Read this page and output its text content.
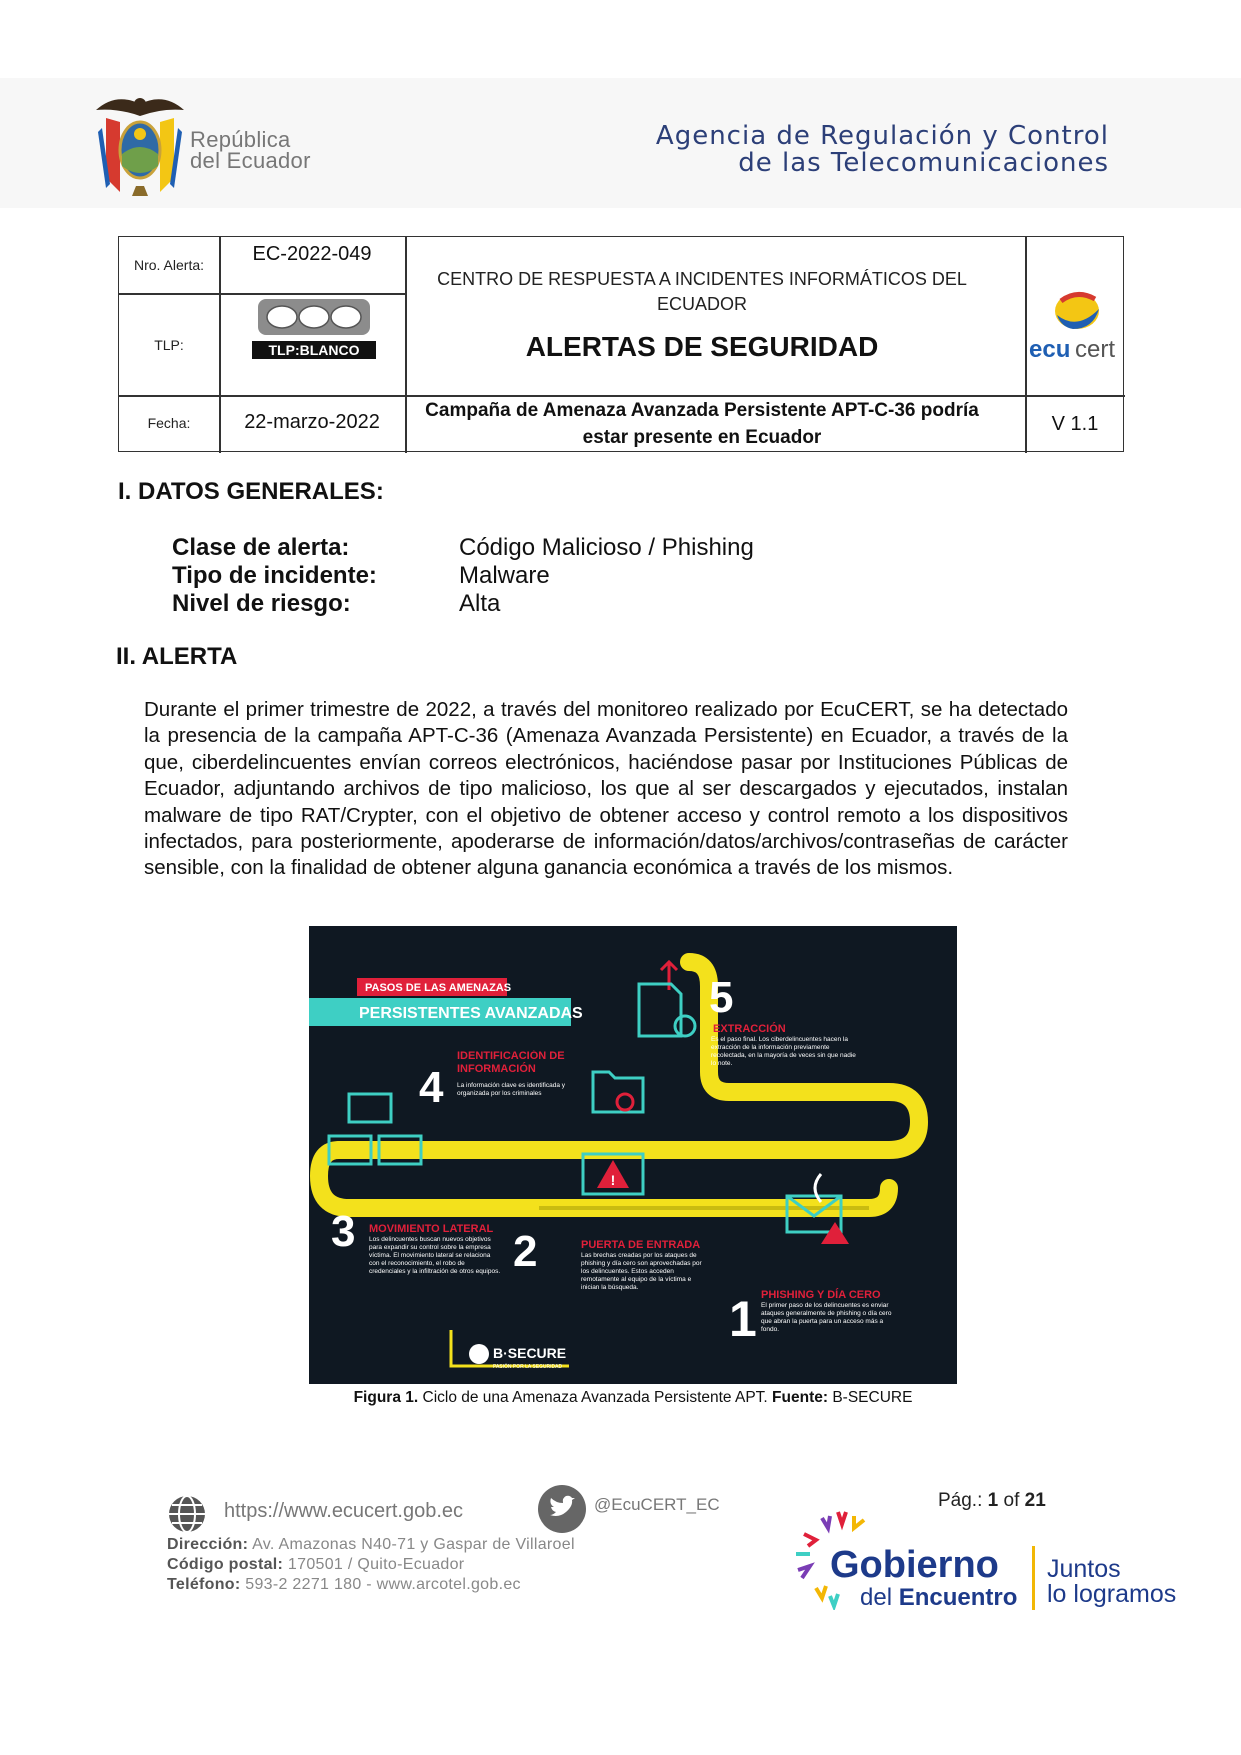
República
del Ecuador
Agencia de Regulación y Control
de las Telecomunicaciones
Nro. Alerta:	EC-2022-049
TLP:	TLP:BLANCO
Fecha:	22-marzo-2022
CENTRO DE RESPUESTA A INCIDENTES INFORMÁTICOS DEL ECUADOR
ALERTAS DE SEGURIDAD
Campaña de Amenaza Avanzada Persistente APT-C-36 podría estar presente en Ecuador
V 1.1
ecu cert
I. DATOS GENERALES:
Clase de alerta:	Código Malicioso / Phishing
Tipo de incidente:	Malware
Nivel de riesgo:	Alta
II. ALERTA
Durante el primer trimestre de 2022, a través del monitoreo realizado por EcuCERT, se ha detectado la presencia de la campaña APT-C-36 (Amenaza Avanzada Persistente) en Ecuador, a través de la que, ciberdelincuentes envían correos electrónicos, haciéndose pasar por Instituciones Públicas de Ecuador, adjuntando archivos de tipo malicioso, los que al ser descargados y ejecutados, instalan malware de tipo RAT/Crypter, con el objetivo de obtener acceso y control remoto a los dispositivos infectados, para posteriormente, apoderarse de información/datos/archivos/contraseñas de carácter sensible, con la finalidad de obtener alguna ganancia económica a través de los mismos.
PASOS DE LAS AMENAZAS
PERSISTENTES AVANZADAS
!
5
EXTRACCIÓN
Es el paso final. Los ciberdelincuentes hacen la extracción de la información previamente recolectada, en la mayoría de veces sin que nadie lo note.
4
IDENTIFICACIÓN DE INFORMACIÓN
La información clave es identificada y organizada por los criminales
3 MOVIMIENTO LATERAL
Los delincuentes buscan nuevos objetivos para expandir su control sobre la empresa víctima. El movimiento lateral se relaciona con el reconocimiento, el robo de credenciales y la infiltración de otros equipos. 2	PUERTA DE ENTRADA
Las brechas creadas por los ataques de phishing y día cero son aprovechadas por los delincuentes. Estos acceden remotamente al equipo de la víctima e inician la búsqueda.
1 PHISHING Y DÍA CERO
El primer paso de los delincuentes es enviar ataques generalmente de phishing o día cero que abran la puerta para un acceso más a fondo.
B·SECURE
PASIÓN POR LA SEGURIDAD
Figura 1. Ciclo de una Amenaza Avanzada Persistente APT. Fuente: B-SECURE
https://www.ecucert.gob.ec	@EcuCERT_EC
Dirección: Av. Amazonas N40-71 y Gaspar de Villaroel
Código postal: 170501 / Quito-Ecuador
Teléfono: 593-2 2271 180 - www.arcotel.gob.ec
Pág.: 1 of 21
Gobierno
del Encuentro
Juntos
lo logramos
